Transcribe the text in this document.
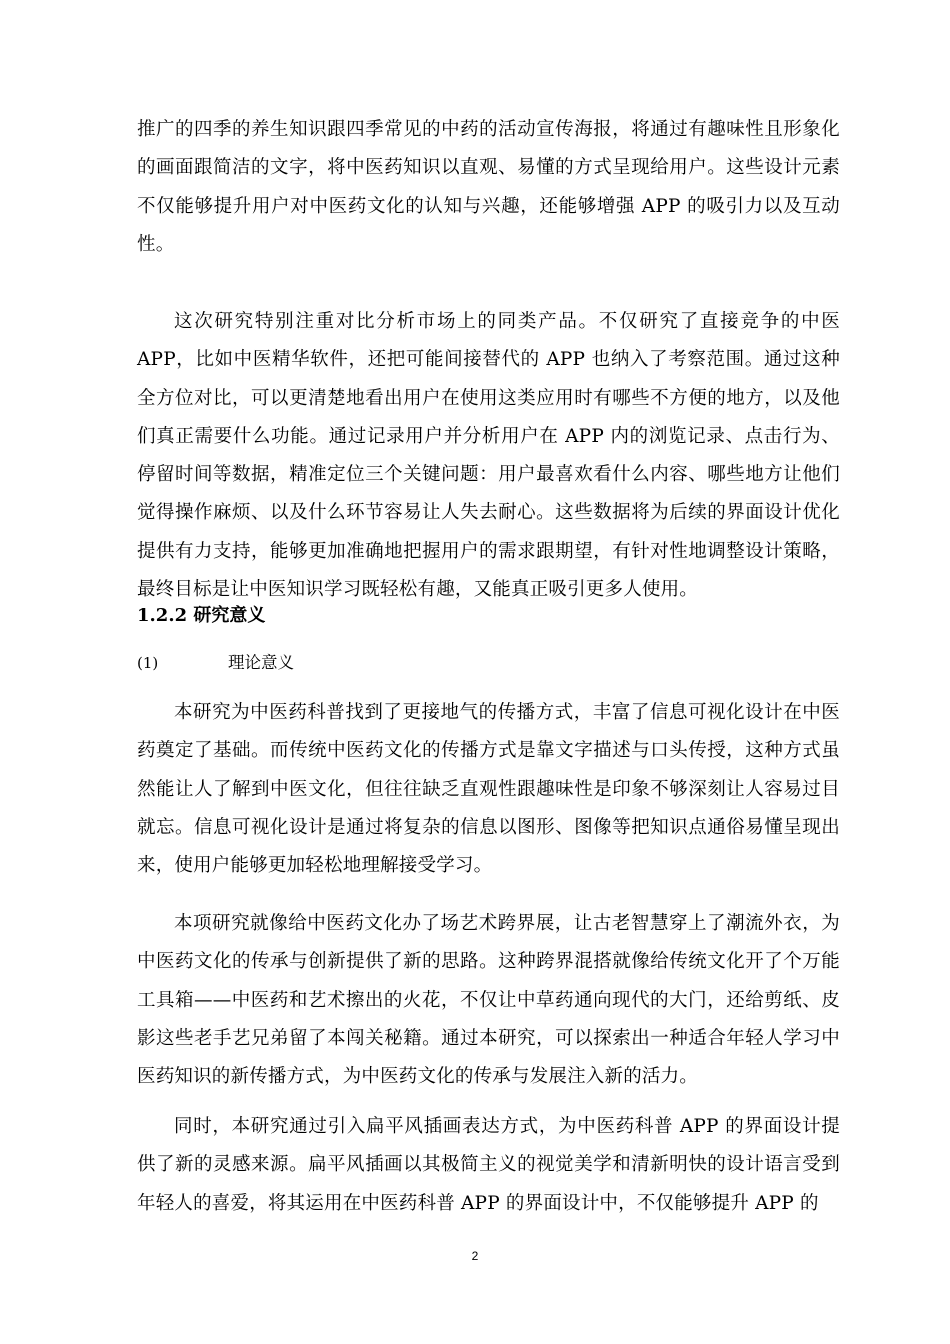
推广的四季的养生知识跟四季常见的中药的活动宣传海报，将通过有趣味性且形象化的画面跟简洁的文字，将中医药知识以直观、易懂的方式呈现给用户。这些设计元素不仅能够提升用户对中医药文化的认知与兴趣，还能够增强 APP 的吸引力以及互动性。

这次研究特别注重对比分析市场上的同类产品。不仅研究了直接竞争的中医 APP，比如中医精华软件，还把可能间接替代的 APP 也纳入了考察范围。通过这种全方位对比，可以更清楚地看出用户在使用这类应用时有哪些不方便的地方，以及他们真正需要什么功能。通过记录用户并分析用户在 APP 内的浏览记录、点击行为、停留时间等数据，精准定位三个关键问题：用户最喜欢看什么内容、哪些地方让他们觉得操作麻烦、以及什么环节容易让人失去耐心。这些数据将为后续的界面设计优化提供有力支持，能够更加准确地把握用户的需求跟期望，有针对性地调整设计策略，最终目标是让中医知识学习既轻松有趣，又能真正吸引更多人使用。

1.2.2 研究意义
(1)	理论意义

本研究为中医药科普找到了更接地气的传播方式，丰富了信息可视化设计在中医药奠定了基础。而传统中医药文化的传播方式是靠文字描述与口头传授，这种方式虽然能让人了解到中医文化，但往往缺乏直观性跟趣味性是印象不够深刻让人容易过目就忘。信息可视化设计是通过将复杂的信息以图形、图像等把知识点通俗易懂呈现出来，使用户能够更加轻松地理解接受学习。

本项研究就像给中医药文化办了场艺术跨界展，让古老智慧穿上了潮流外衣，为中医药文化的传承与创新提供了新的思路。这种跨界混搭就像给传统文化开了个万能工具箱——中医药和艺术擦出的火花，不仅让中草药通向现代的大门，还给剪纸、皮影这些老手艺兄弟留了本闯关秘籍。通过本研究，可以探索出一种适合年轻人学习中医药知识的新传播方式，为中医药文化的传承与发展注入新的活力。

同时，本研究通过引入扁平风插画表达方式，为中医药科普 APP 的界面设计提供了新的灵感来源。扁平风插画以其极简主义的视觉美学和清新明快的设计语言受到年轻人的喜爱，将其运用在中医药科普 APP 的界面设计中，不仅能够提升 APP 的

2
